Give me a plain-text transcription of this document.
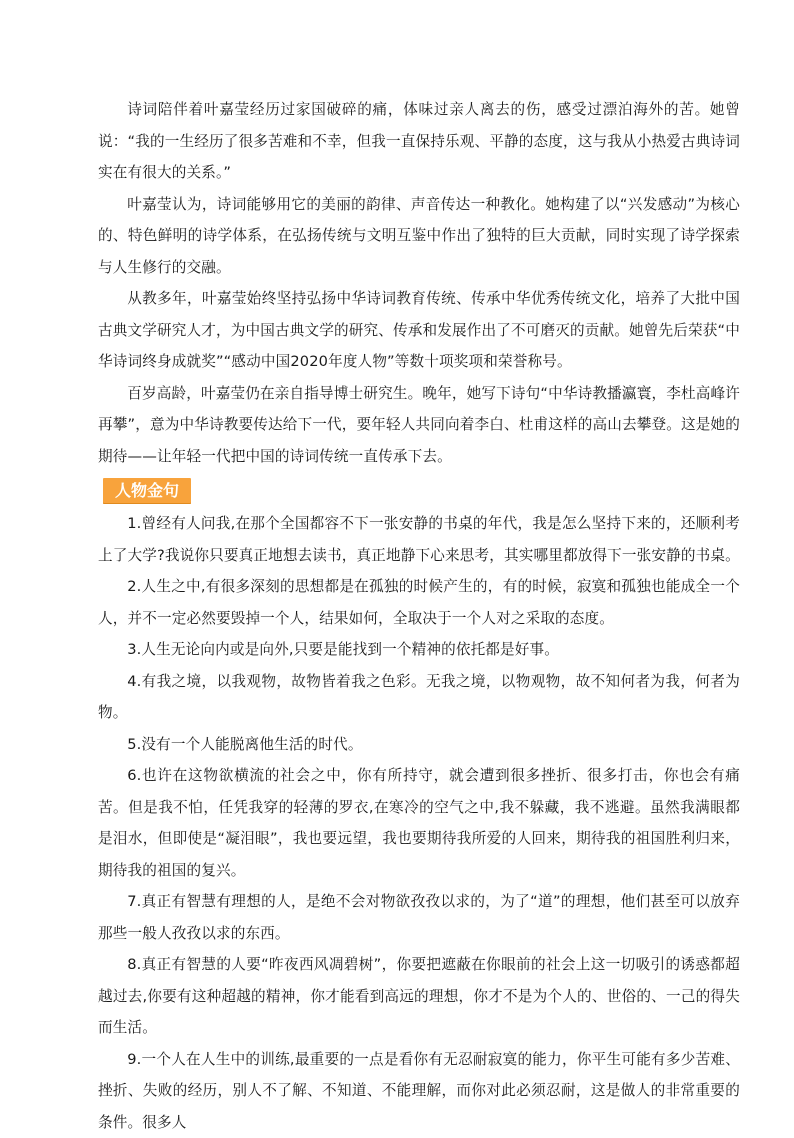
诗词陪伴着叶嘉莹经历过家国破碎的痛，体味过亲人离去的伤，感受过漂泊海外的苦。她曾说：“我的一生经历了很多苦难和不幸，但我一直保持乐观、平静的态度，这与我从小热爱古典诗词实在有很大的关系。”

叶嘉莹认为，诗词能够用它的美丽的韵律、声音传达一种教化。她构建了以“兴发感动”为核心的、特色鲜明的诗学体系，在弘扬传统与文明互鉴中作出了独特的巨大贡献，同时实现了诗学探索与人生修行的交融。

从教多年，叶嘉莹始终坚持弘扬中华诗词教育传统、传承中华优秀传统文化，培养了大批中国古典文学研究人才，为中国古典文学的研究、传承和发展作出了不可磨灭的贡献。她曾先后荣获“中华诗词终身成就奖”“感动中国2020年度人物”等数十项奖项和荣誉称号。

百岁高龄，叶嘉莹仍在亲自指导博士研究生。晚年，她写下诗句“中华诗教播瀛寰，李杜高峰许再攀”，意为中华诗教要传达给下一代，要年轻人共同向着李白、杜甫这样的高山去攀登。这是她的期待——让年轻一代把中国的诗词传统一直传承下去。

人物金句

1.曾经有人问我,在那个全国都容不下一张安静的书桌的年代，我是怎么坚持下来的，还顺利考上了大学?我说你只要真正地想去读书，真正地静下心来思考，其实哪里都放得下一张安静的书桌。

2.人生之中,有很多深刻的思想都是在孤独的时候产生的，有的时候，寂寞和孤独也能成全一个人，并不一定必然要毁掉一个人，结果如何，全取决于一个人对之采取的态度。

3.人生无论向内或是向外,只要是能找到一个精神的依托都是好事。

4.有我之境，以我观物，故物皆着我之色彩。无我之境，以物观物，故不知何者为我，何者为物。

5.没有一个人能脱离他生活的时代。

6.也许在这物欲横流的社会之中，你有所持守，就会遭到很多挫折、很多打击，你也会有痛苦。但是我不怕，任凭我穿的轻薄的罗衣,在寒冷的空气之中,我不躲藏，我不逃避。虽然我满眼都是泪水，但即使是“凝泪眼”，我也要远望，我也要期待我所爱的人回来，期待我的祖国胜利归来，期待我的祖国的复兴。

7.真正有智慧有理想的人，是绝不会对物欲孜孜以求的，为了“道”的理想，他们甚至可以放弃那些一般人孜孜以求的东西。

8.真正有智慧的人要“昨夜西风凋碧树”，你要把遮蔽在你眼前的社会上这一切吸引的诱惑都超越过去,你要有这种超越的精神，你才能看到高远的理想，你才不是为个人的、世俗的、一己的得失而生活。

9.一个人在人生中的训练,最重要的一点是看你有无忍耐寂寞的能力，你平生可能有多少苦难、挫折、失败的经历，别人不了解、不知道、不能理解，而你对此必须忍耐，这是做人的非常重要的条件。很多人
